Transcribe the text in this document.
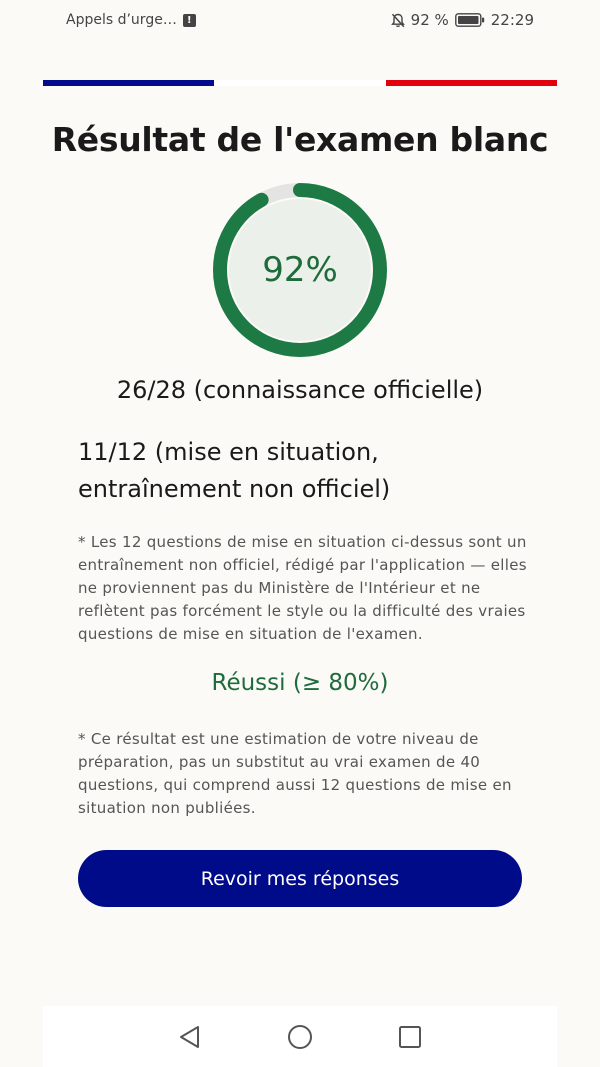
Appels d’urge…	!	92 %	22:29
Résultat de l'examen blanc
92%
26/28 (connaissance officielle)
11/12 (mise en situation,
entraînement non officiel)
* Les 12 questions de mise en situation ci-dessus sont un entraînement non officiel, rédigé par l'application — elles ne proviennent pas du Ministère de l'Intérieur et ne reflètent pas forcément le style ou la difficulté des vraies questions de mise en situation de l'examen.
Réussi (≥ 80%)
* Ce résultat est une estimation de votre niveau de préparation, pas un substitut au vrai examen de 40 questions, qui comprend aussi 12 questions de mise en situation non publiées.
Revoir mes réponses
